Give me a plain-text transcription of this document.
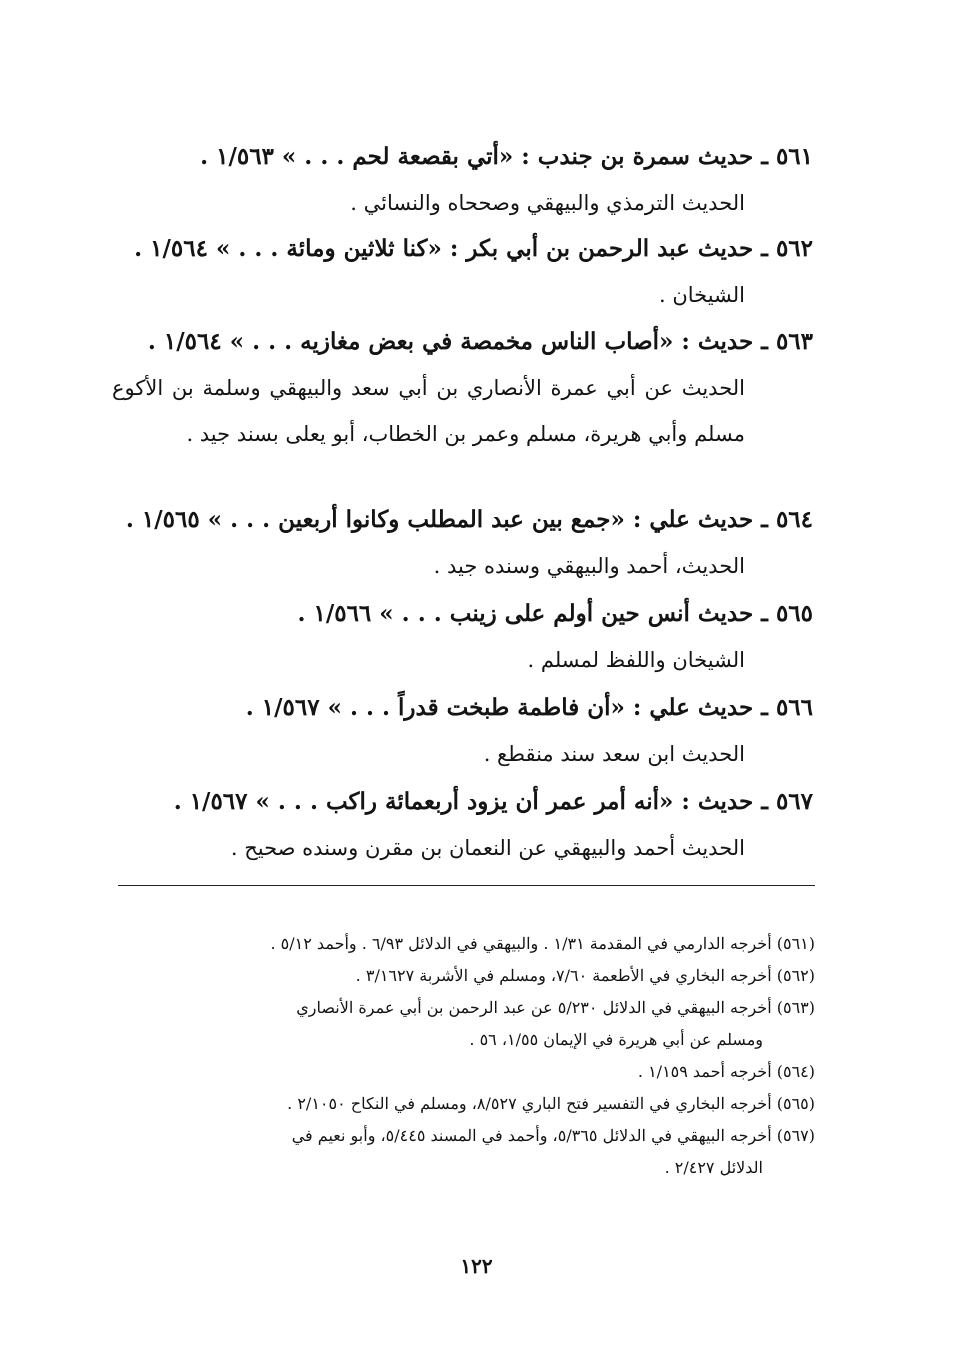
٥٦١ ـ حديث سمرة بن جندب : «أتي بقصعة لحم . . . » ١/٥٦٣ .
الحديث الترمذي والبيهقي وصححاه والنسائي .
٥٦٢ ـ حديث عبد الرحمن بن أبي بكر : «كنا ثلاثين ومائة . . . » ١/٥٦٤ .
الشيخان .
٥٦٣ ـ حديث : «أصاب الناس مخمصة في بعض مغازيه . . . » ١/٥٦٤ .
الحديث عن أبي عمرة الأنصاري بن أبي سعد والبيهقي وسلمة بن الأكوع مسلم وأبي هريرة، مسلم وعمر بن الخطاب، أبو يعلى بسند جيد .
٥٦٤ ـ حديث علي : «جمع بين عبد المطلب وكانوا أربعين . . . » ١/٥٦٥ .
الحديث، أحمد والبيهقي وسنده جيد .
٥٦٥ ـ حديث أنس حين أولم على زينب . . . » ١/٥٦٦ .
الشيخان واللفظ لمسلم .
٥٦٦ ـ حديث علي : «أن فاطمة طبخت قدراً . . . » ١/٥٦٧ .
الحديث ابن سعد سند منقطع .
٥٦٧ ـ حديث : «أنه أمر عمر أن يزود أربعمائة راكب . . . » ١/٥٦٧ .
الحديث أحمد والبيهقي عن النعمان بن مقرن وسنده صحيح .
(٥٦١) أخرجه الدارمي في المقدمة ١/٣١ . والبيهقي في الدلائل ٦/٩٣ . وأحمد ٥/١٢ .
(٥٦٢) أخرجه البخاري في الأطعمة ٧/٦٠، ومسلم في الأشربة ٣/١٦٢٧ .
(٥٦٣) أخرجه البيهقي في الدلائل ٥/٢٣٠ عن عبد الرحمن بن أبي عمرة الأنصاري
ومسلم عن أبي هريرة في الإيمان ١/٥٥، ٥٦ .
(٥٦٤) أخرجه أحمد ١/١٥٩ .
(٥٦٥) أخرجه البخاري في التفسير فتح الباري ٨/٥٢٧، ومسلم في النكاح ٢/١٠٥٠ .
(٥٦٧) أخرجه البيهقي في الدلائل ٥/٣٦٥، وأحمد في المسند ٥/٤٤٥، وأبو نعيم في
الدلائل ٢/٤٢٧ .
١٢٢
